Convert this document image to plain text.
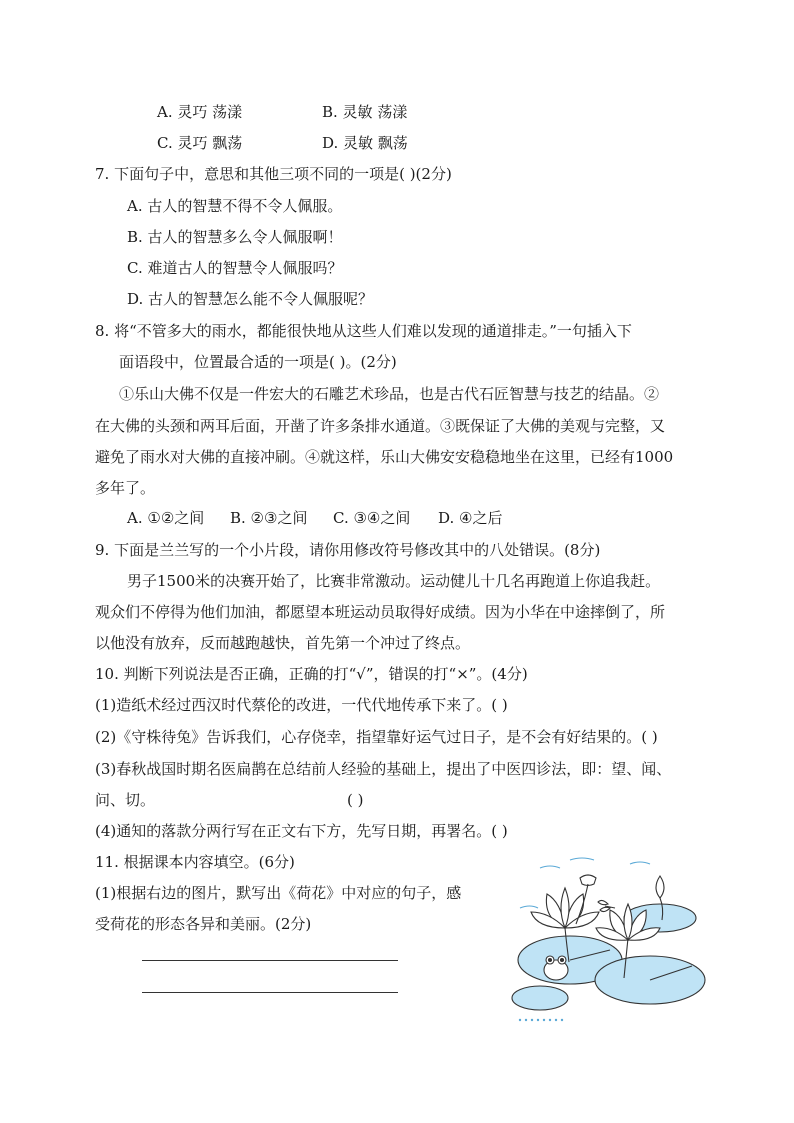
A. 灵巧 荡漾	B. 灵敏 荡漾
C. 灵巧 飘荡	D. 灵敏 飘荡
7. 下面句子中，意思和其他三项不同的一项是( )(2分)
A. 古人的智慧不得不令人佩服。
B. 古人的智慧多么令人佩服啊！
C. 难道古人的智慧令人佩服吗？
D. 古人的智慧怎么能不令人佩服呢？
8. 将“不管多大的雨水，都能很快地从这些人们难以发现的通道排走。”一句插入下
面语段中，位置最合适的一项是( )。(2分)
①乐山大佛不仅是一件宏大的石雕艺术珍品，也是古代石匠智慧与技艺的结晶。②
在大佛的头颈和两耳后面，开凿了许多条排水通道。③既保证了大佛的美观与完整，又
避免了雨水对大佛的直接冲刷。④就这样，乐山大佛安安稳稳地坐在这里，已经有1000
多年了。
A. ①②之间 B. ②③之间 C. ③④之间 D. ④之后
9. 下面是兰兰写的一个小片段，请你用修改符号修改其中的八处错误。(8分)
男子1500米的决赛开始了，比赛非常激动。运动健儿十几名再跑道上你追我赶。
观众们不停得为他们加油，都愿望本班运动员取得好成绩。因为小华在中途摔倒了，所
以他没有放弃，反而越跑越快，首先第一个冲过了终点。
10. 判断下列说法是否正确，正确的打“√”，错误的打“×”。(4分)
(1)造纸术经过西汉时代蔡伦的改进，一代代地传承下来了。( )
(2)《守株待兔》告诉我们，心存侥幸，指望靠好运气过日子，是不会有好结果的。( )
(3)春秋战国时期名医扁鹊在总结前人经验的基础上，提出了中医四诊法，即：望、闻、
问、切。	( )
(4)通知的落款分两行写在正文右下方，先写日期，再署名。( )
11. 根据课本内容填空。(6分)
(1)根据右边的图片，默写出《荷花》中对应的句子，感
受荷花的形态各异和美丽。(2分)
